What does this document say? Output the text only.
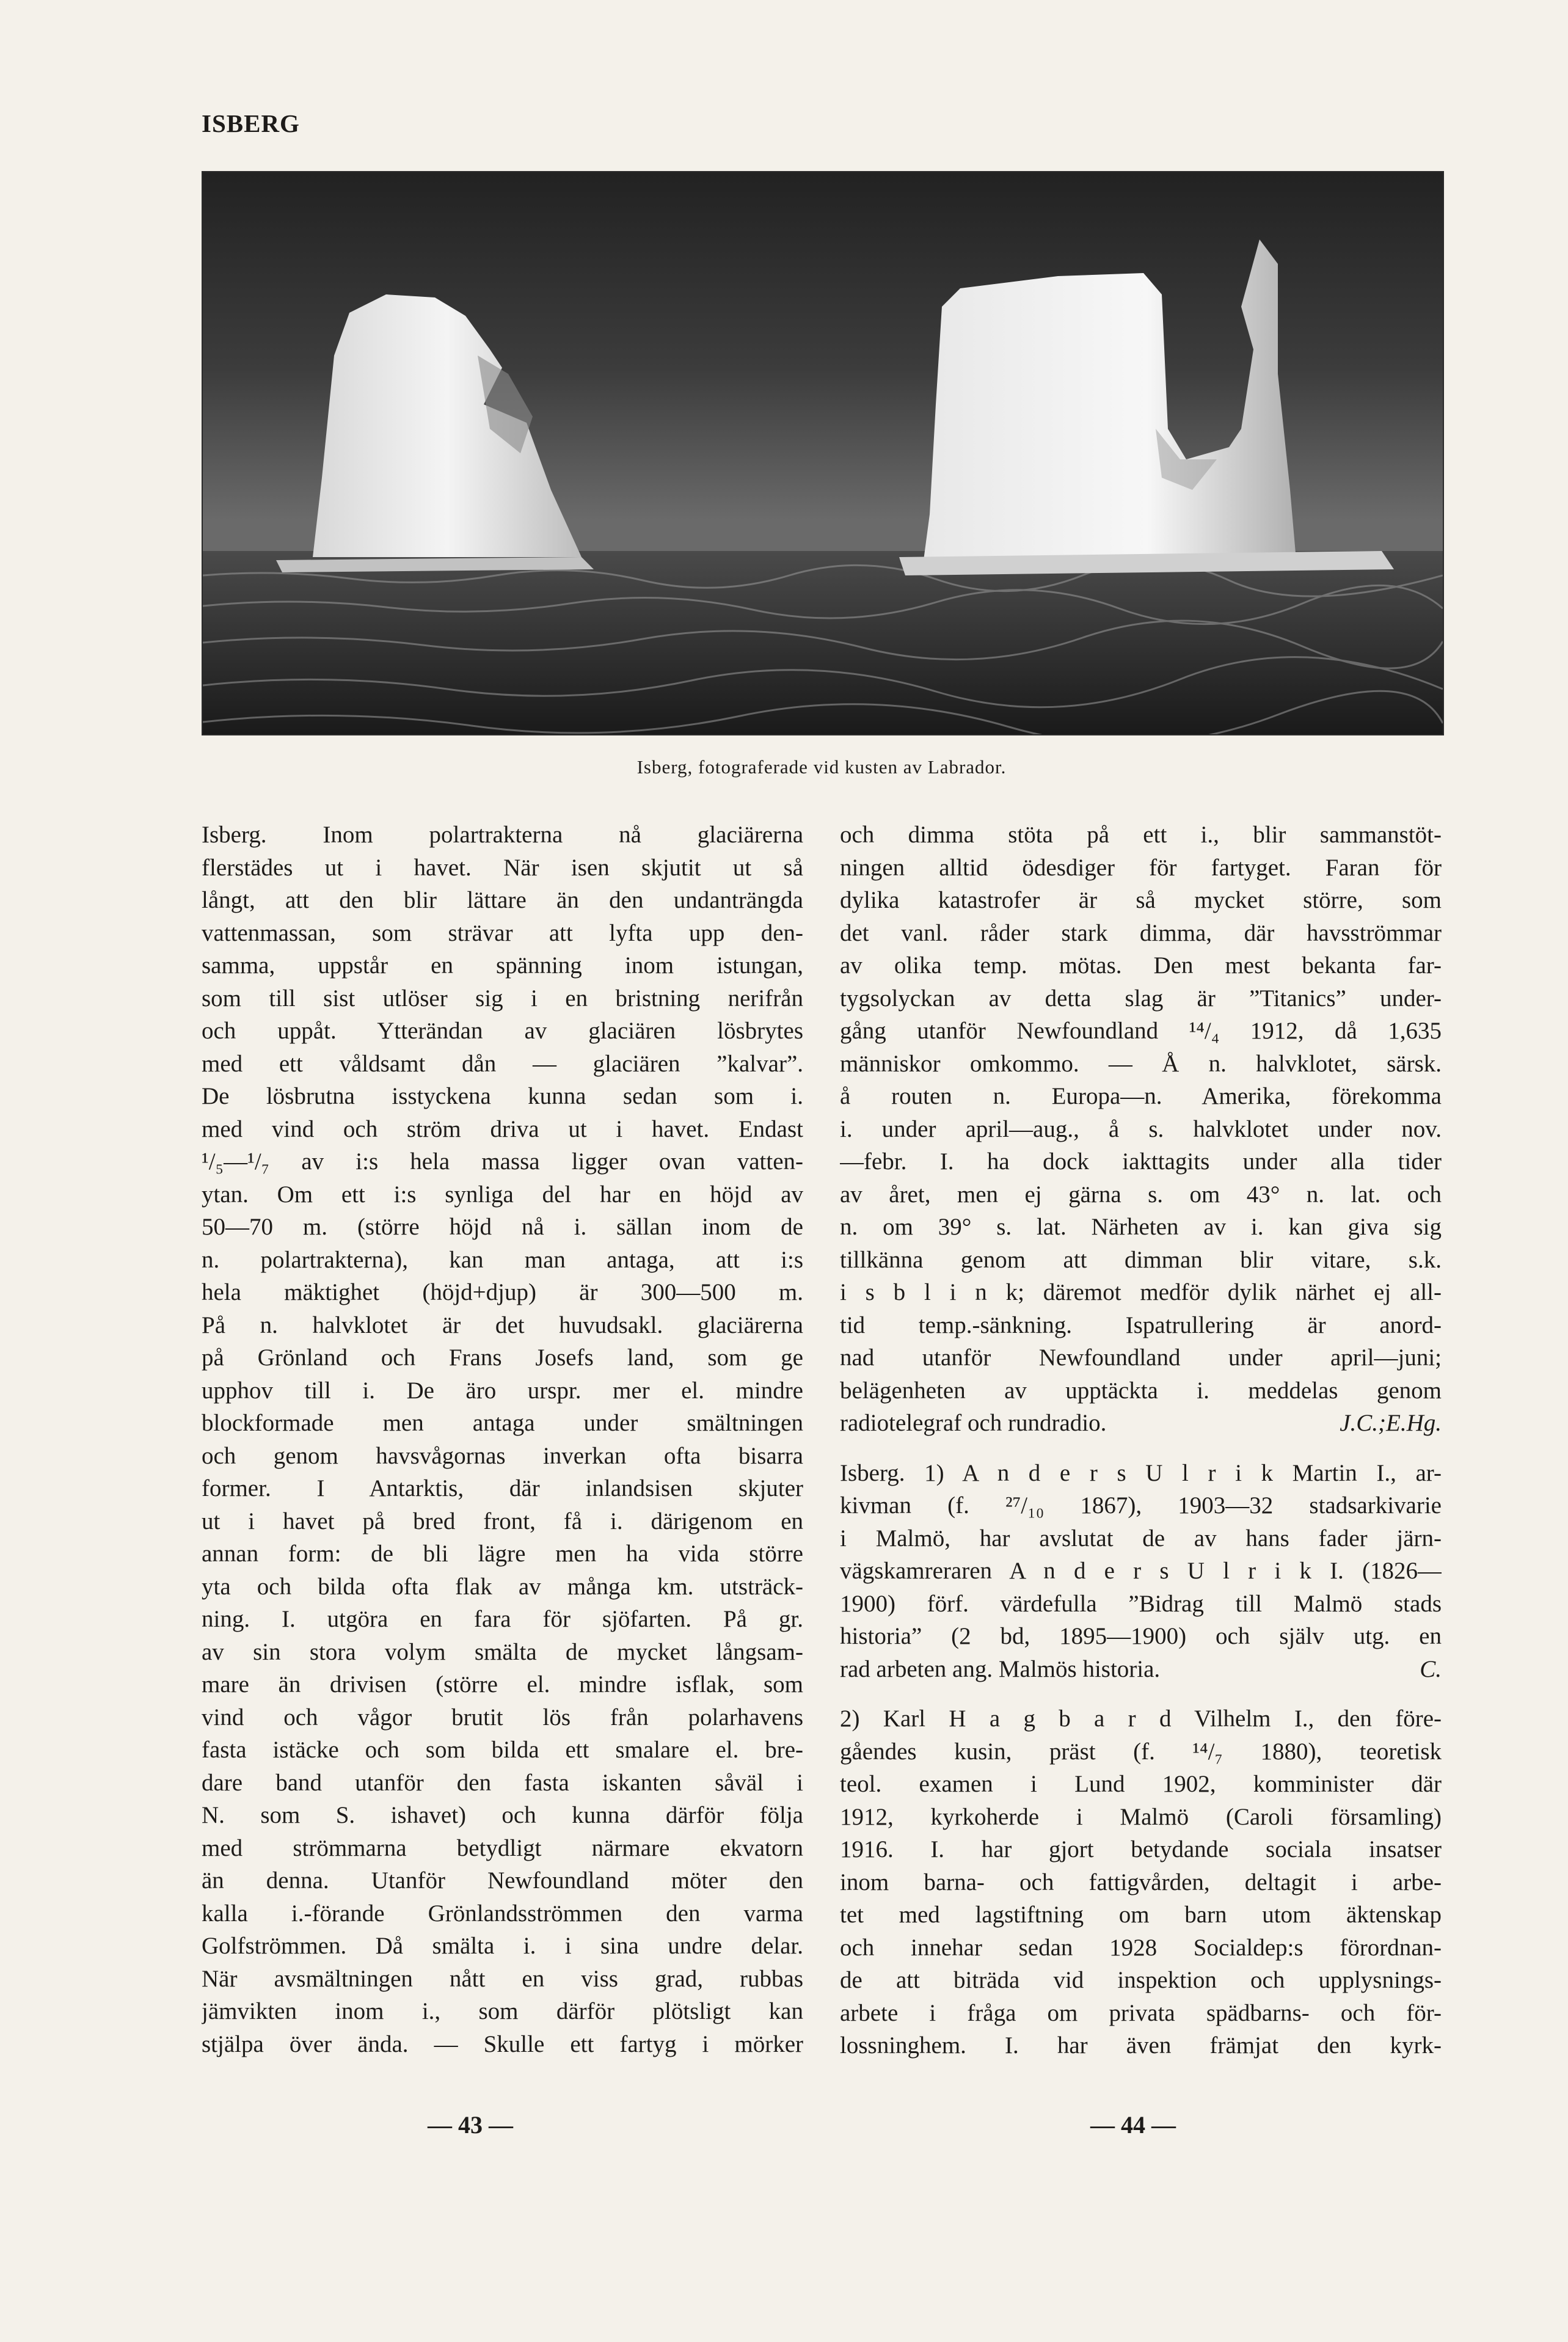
ISBERG
Isberg, fotograferade vid kusten av Labrador.
Isberg. Inom polartrakterna nå glaciärerna
flerstädes ut i havet. När isen skjutit ut så
långt, att den blir lättare än den undanträngda
vattenmassan, som strävar att lyfta upp den-
samma, uppstår en spänning inom istungan,
som till sist utlöser sig i en bristning nerifrån
och uppåt. Ytterändan av glaciären lösbrytes
med ett våldsamt dån — glaciären ”kalvar”.
De lösbrutna isstyckena kunna sedan som i.
med vind och ström driva ut i havet. Endast
¹/₅—¹/₇ av i:s hela massa ligger ovan vatten-
ytan. Om ett i:s synliga del har en höjd av
50—70 m. (större höjd nå i. sällan inom de
n. polartrakterna), kan man antaga, att i:s
hela mäktighet (höjd+djup) är 300—500 m.
På n. halvklotet är det huvudsakl. glaciärerna
på Grönland och Frans Josefs land, som ge
upphov till i. De äro urspr. mer el. mindre
blockformade men antaga under smältningen
och genom havsvågornas inverkan ofta bisarra
former. I Antarktis, där inlandsisen skjuter
ut i havet på bred front, få i. därigenom en
annan form: de bli lägre men ha vida större
yta och bilda ofta flak av många km. utsträck-
ning. I. utgöra en fara för sjöfarten. På gr.
av sin stora volym smälta de mycket långsam-
mare än drivisen (större el. mindre isflak, som
vind och vågor brutit lös från polarhavens
fasta istäcke och som bilda ett smalare el. bre-
dare band utanför den fasta iskanten såväl i
N. som S. ishavet) och kunna därför följa
med strömmarna betydligt närmare ekvatorn
än denna. Utanför Newfoundland möter den
kalla i.-förande Grönlandsströmmen den varma
Golfströmmen. Då smälta i. i sina undre delar.
När avsmältningen nått en viss grad, rubbas
jämvikten inom i., som därför plötsligt kan
stjälpa över ända. — Skulle ett fartyg i mörker
och dimma stöta på ett i., blir sammanstöt-
ningen alltid ödesdiger för fartyget. Faran för
dylika katastrofer är så mycket större, som
det vanl. råder stark dimma, där havsströmmar
av olika temp. mötas. Den mest bekanta far-
tygsolyckan av detta slag är ”Titanics” under-
gång utanför Newfoundland ¹⁴/₄ 1912, då 1,635
människor omkommo. — Å n. halvklotet, särsk.
å routen n. Europa—n. Amerika, förekomma
i. under april—aug., å s. halvklotet under nov.
—febr. I. ha dock iakttagits under alla tider
av året, men ej gärna s. om 43° n. lat. och
n. om 39° s. lat. Närheten av i. kan giva sig
tillkänna genom att dimman blir vitare, s.k.
i s b l i n k; däremot medför dylik närhet ej all-
tid temp.-sänkning. Ispatrullering är anord-
nad utanför Newfoundland under april—juni;
belägenheten av upptäckta i. meddelas genom
radiotelegraf och rundradio.	J.C.;E.Hg.
Isberg. 1) A n d e r s U l r i k Martin I., ar-
kivman (f. ²⁷/₁₀ 1867), 1903—32 stadsarkivarie
i Malmö, har avslutat de av hans fader järn-
vägskamreraren A n d e r s U l r i k I. (1826—
1900) förf. värdefulla ”Bidrag till Malmö stads
historia” (2 bd, 1895—1900) och själv utg. en
rad arbeten ang. Malmös historia.	C.
2) Karl H a g b a r d Vilhelm I., den före-
gåendes kusin, präst (f. ¹⁴/₇ 1880), teoretisk
teol. examen i Lund 1902, komminister där
1912, kyrkoherde i Malmö (Caroli församling)
1916. I. har gjort betydande sociala insatser
inom barna- och fattigvården, deltagit i arbe-
tet med lagstiftning om barn utom äktenskap
och innehar sedan 1928 Socialdep:s förordnan-
de att biträda vid inspektion och upplysnings-
arbete i fråga om privata spädbarns- och för-
lossninghem. I. har även främjat den kyrk-
— 43 —	— 44 —
